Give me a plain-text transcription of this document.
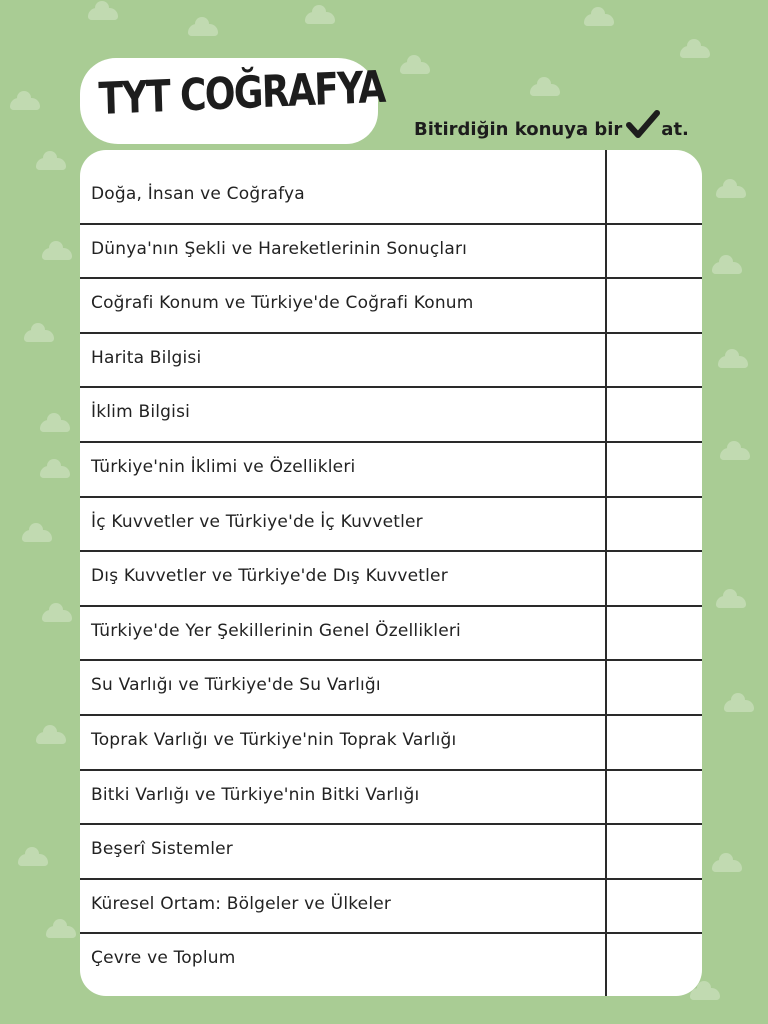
TYT COĞRAFYA
Bitirdiğin konuya bir at.
Doğa, İnsan ve Coğrafya
Dünya'nın Şekli ve Hareketlerinin Sonuçları
Coğrafi Konum ve Türkiye'de Coğrafi Konum
Harita Bilgisi
İklim Bilgisi
Türkiye'nin İklimi ve Özellikleri
İç Kuvvetler ve Türkiye'de İç Kuvvetler
Dış Kuvvetler ve Türkiye'de Dış Kuvvetler
Türkiye'de Yer Şekillerinin Genel Özellikleri
Su Varlığı ve Türkiye'de Su Varlığı
Toprak Varlığı ve Türkiye'nin Toprak Varlığı
Bitki Varlığı ve Türkiye'nin Bitki Varlığı
Beşerî Sistemler
Küresel Ortam: Bölgeler ve Ülkeler
Çevre ve Toplum
